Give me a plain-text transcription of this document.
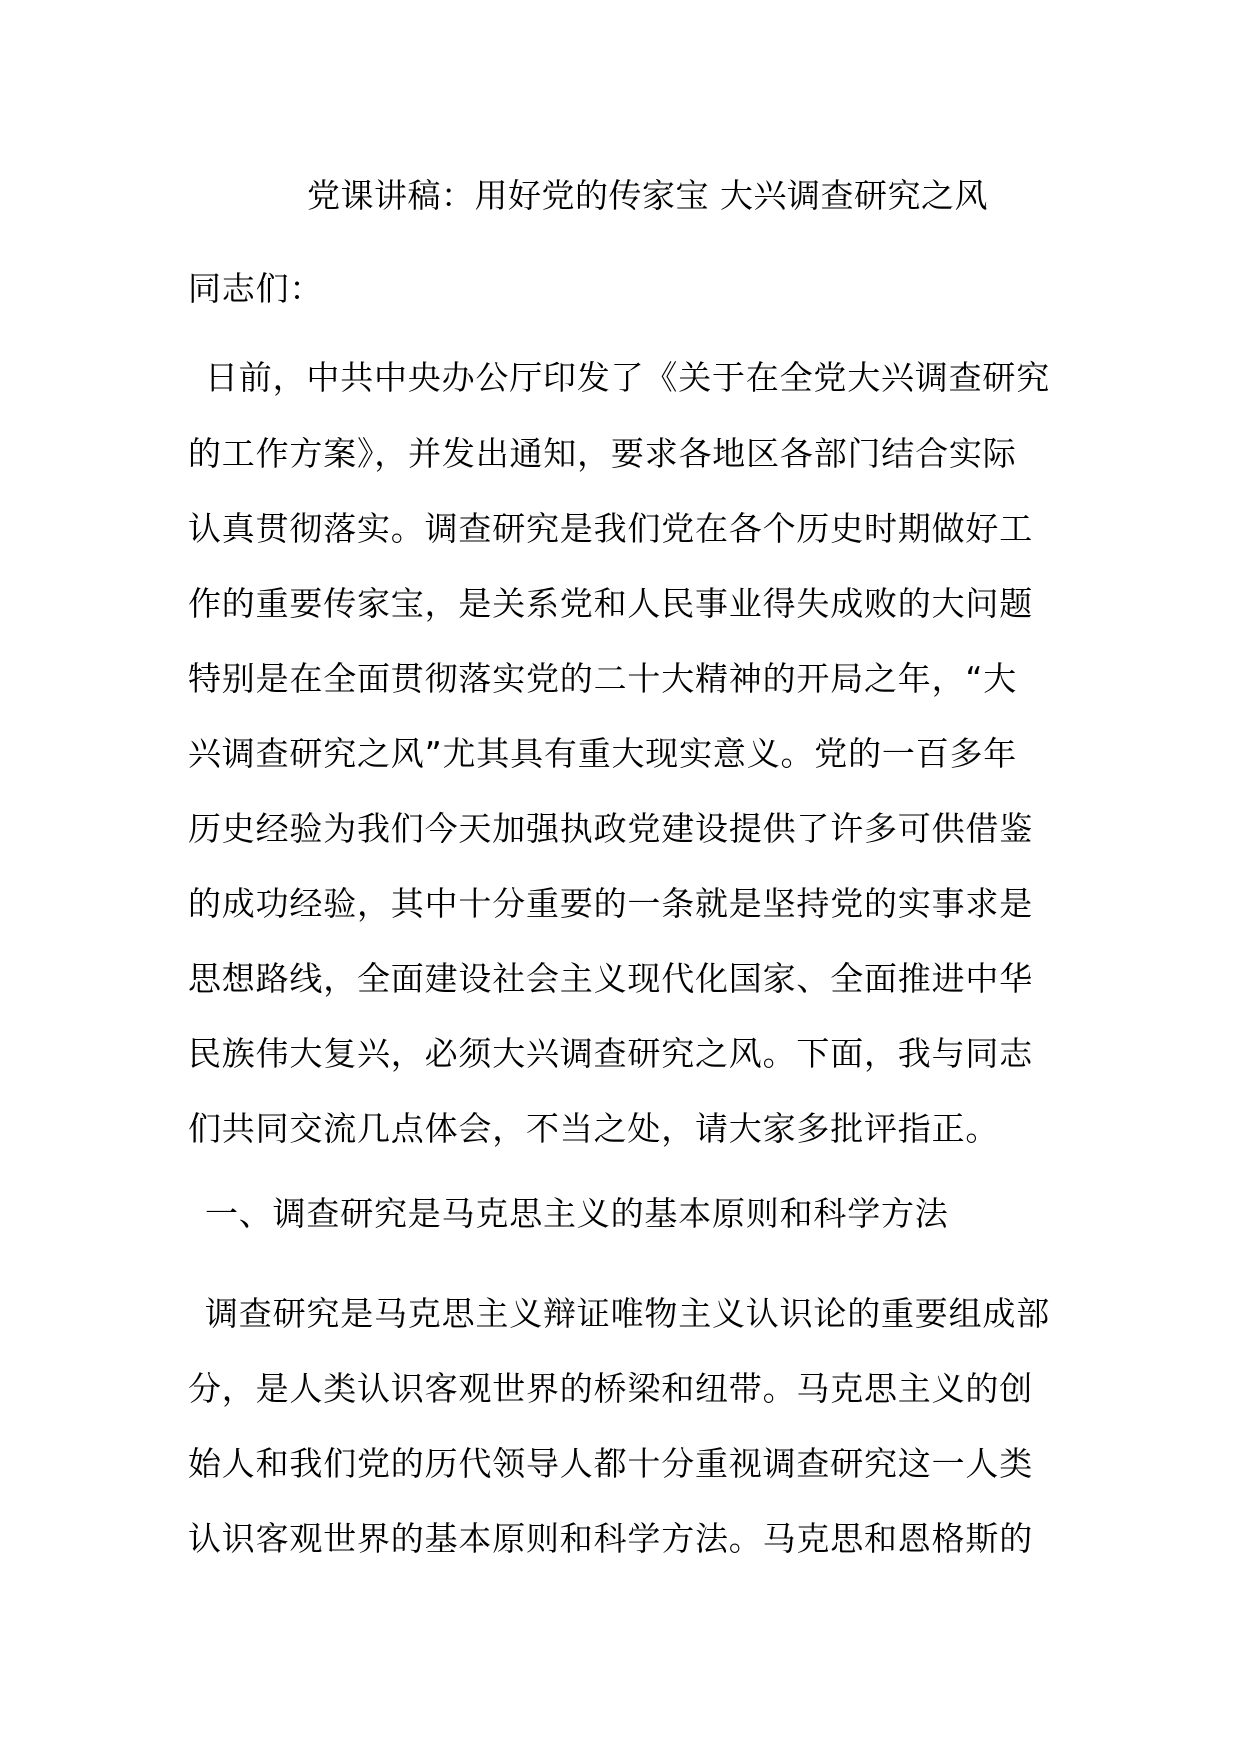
党课讲稿：用好党的传家宝 大兴调查研究之风
同志们：
日前，中共中央办公厅印发了《关于在全党大兴调查研究
的工作方案》，并发出通知，要求各地区各部门结合实际
认真贯彻落实。调查研究是我们党在各个历史时期做好工
作的重要传家宝，是关系党和人民事业得失成败的大问题
特别是在全面贯彻落实党的二十大精神的开局之年，“大
兴调查研究之风”尤其具有重大现实意义。党的一百多年
历史经验为我们今天加强执政党建设提供了许多可供借鉴
的成功经验，其中十分重要的一条就是坚持党的实事求是
思想路线，全面建设社会主义现代化国家、全面推进中华
民族伟大复兴，必须大兴调查研究之风。下面，我与同志
们共同交流几点体会，不当之处，请大家多批评指正。
一、调查研究是马克思主义的基本原则和科学方法
调查研究是马克思主义辩证唯物主义认识论的重要组成部
分，是人类认识客观世界的桥梁和纽带。马克思主义的创
始人和我们党的历代领导人都十分重视调查研究这一人类
认识客观世界的基本原则和科学方法。马克思和恩格斯的
